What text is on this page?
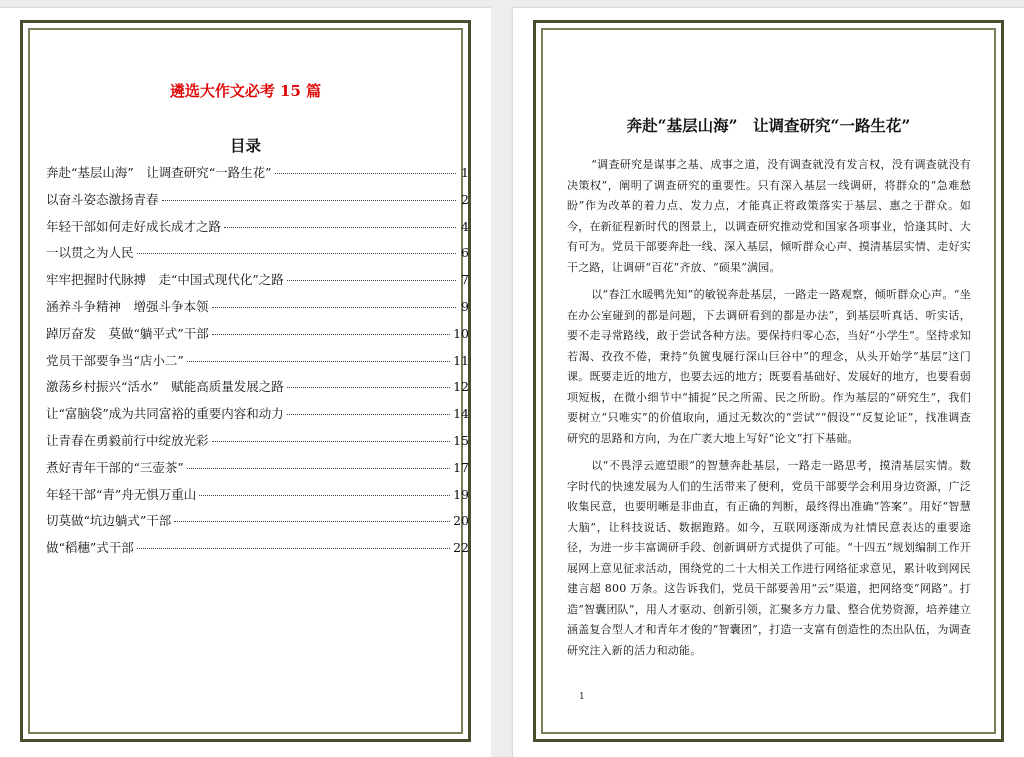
遴选大作文必考 15 篇
目录
奔赴“基层山海”　让调查研究“一路生花”	1
以奋斗姿态激扬青春	2
年轻干部如何走好成长成才之路	4
一以贯之为人民	6
牢牢把握时代脉搏　走“中国式现代化”之路	7
涵养斗争精神　增强斗争本领	9
踔厉奋发　莫做“躺平式”干部	10
党员干部要争当“店小二”	11
激荡乡村振兴“活水”　赋能高质量发展之路	12
让“富脑袋”成为共同富裕的重要内容和动力	14
让青春在勇毅前行中绽放光彩	15
煮好青年干部的“三壶茶”	17
年轻干部“青”舟无惧万重山	19
切莫做“坑边躺式”干部	20
做“稻穗”式干部	22
奔赴“基层山海”　让调查研究“一路生花”

“调查研究是谋事之基、成事之道，没有调查就没有发言权，没有调查就没有决策权”，阐明了调查研究的重要性。只有深入基层一线调研，将群众的“急难愁盼”作为改革的着力点、发力点，才能真正将政策落实于基层、惠之于群众。如今，在新征程新时代的图景上，以调查研究推动党和国家各项事业，恰逢其时、大有可为。党员干部要奔赴一线、深入基层，倾听群众心声、摸清基层实情、走好实干之路，让调研“百花”齐放、“硕果”满园。

以“春江水暖鸭先知”的敏锐奔赴基层，一路走一路观察，倾听群众心声。“坐在办公室碰到的都是问题，下去调研看到的都是办法”，到基层听真话、听实话，要不走寻常路线，敢于尝试各种方法。要保持归零心态，当好“小学生”。坚持求知若渴、孜孜不倦，秉持“负篋曳屣行深山巨谷中”的理念，从头开始学“基层”这门课。既要走近的地方，也要去远的地方；既要看基础好、发展好的地方，也要看弱项短板，在微小细节中“捕捉”民之所需、民之所盼。作为基层的“研究生”，我们要树立“只唯实”的价值取向，通过无数次的“尝试”“假设”“反复论证”，找准调查研究的思路和方向，为在广袤大地上写好“论文”打下基础。

以“不畏浮云遮望眼”的智慧奔赴基层，一路走一路思考，摸清基层实情。数字时代的快速发展为人们的生活带来了便利，党员干部要学会利用身边资源，广泛收集民意，也要明晰是非曲直，有正确的判断，最终得出准确“答案”。用好“智慧大脑”，让科技说话、数据跑路。如今，互联网逐渐成为社情民意表达的重要途径，为进一步丰富调研手段、创新调研方式提供了可能。“十四五”规划编制工作开展网上意见征求活动，围绕党的二十大相关工作进行网络征求意见，累计收到网民建言超 800 万条。这告诉我们，党员干部要善用“云”渠道，把网络变“网路”。打造“智囊团队”，用人才驱动、创新引领，汇聚多方力量、整合优势资源，培养建立涵盖复合型人才和青年才俊的“智囊团”，打造一支富有创造性的杰出队伍，为调查研究注入新的活力和动能。

1
